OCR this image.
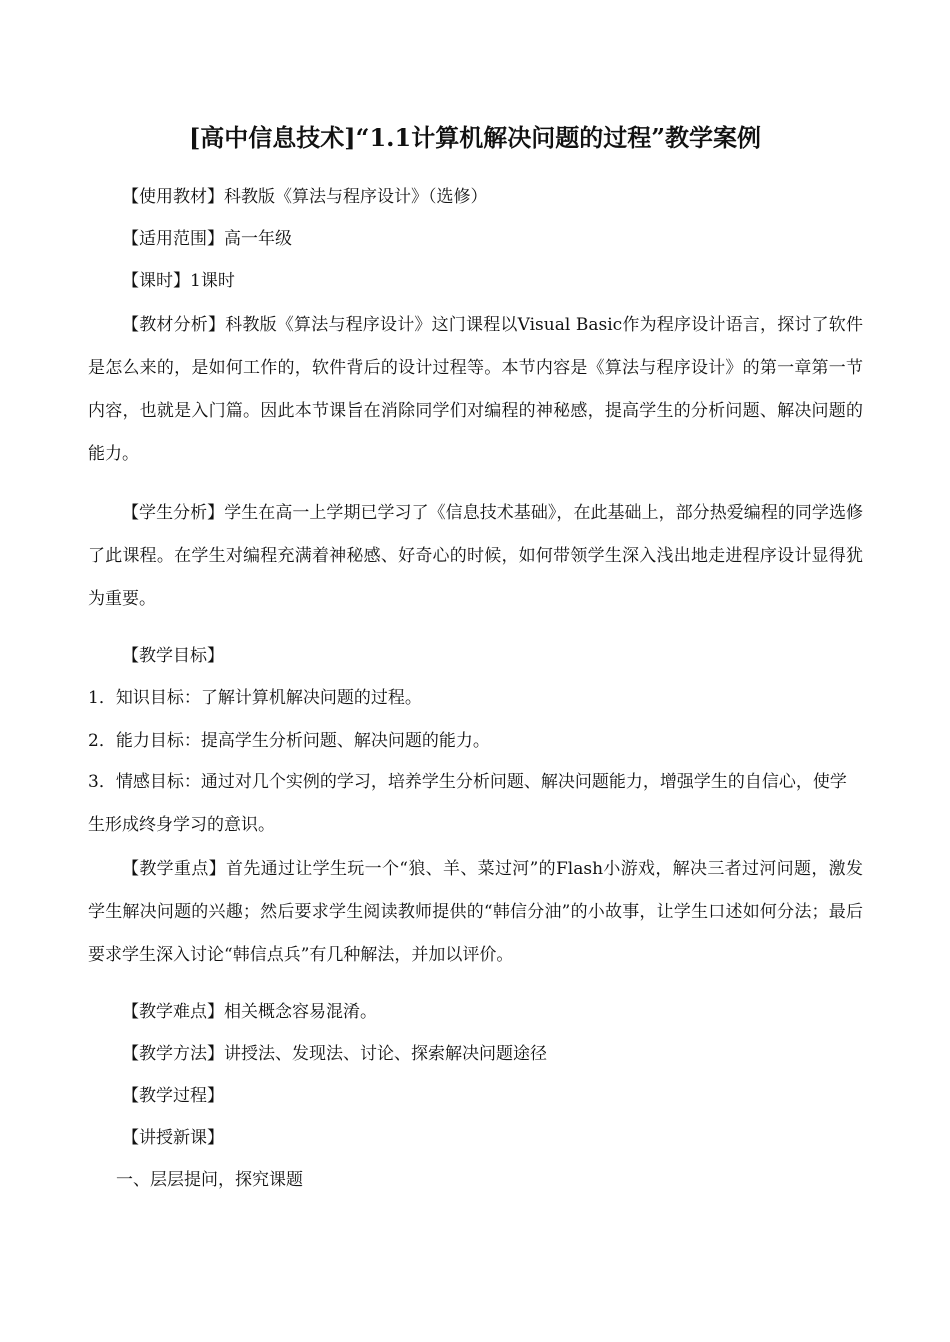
[高中信息技术]“1.1计算机解决问题的过程”教学案例
【使用教材】科教版《算法与程序设计》（选修）
【适用范围】高一年级
【课时】1课时
【教材分析】科教版《算法与程序设计》这门课程以Visual Basic作为程序设计语言，探讨了软件是怎么来的，是如何工作的，软件背后的设计过程等。本节内容是《算法与程序设计》的第一章第一节内容，也就是入门篇。因此本节课旨在消除同学们对编程的神秘感，提高学生的分析问题、解决问题的能力。
【学生分析】学生在高一上学期已学习了《信息技术基础》，在此基础上，部分热爱编程的同学选修了此课程。在学生对编程充满着神秘感、好奇心的时候，如何带领学生深入浅出地走进程序设计显得犹为重要。
【教学目标】
1．知识目标：了解计算机解决问题的过程。
2．能力目标：提高学生分析问题、解决问题的能力。
3．情感目标：通过对几个实例的学习，培养学生分析问题、解决问题能力，增强学生的自信心，使学生形成终身学习的意识。
【教学重点】首先通过让学生玩一个“狼、羊、菜过河”的Flash小游戏，解决三者过河问题，激发学生解决问题的兴趣；然后要求学生阅读教师提供的“韩信分油”的小故事，让学生口述如何分法；最后要求学生深入讨论“韩信点兵”有几种解法，并加以评价。
【教学难点】相关概念容易混淆。
【教学方法】讲授法、发现法、讨论、探索解决问题途径
【教学过程】
【讲授新课】
一、层层提问，探究课题
